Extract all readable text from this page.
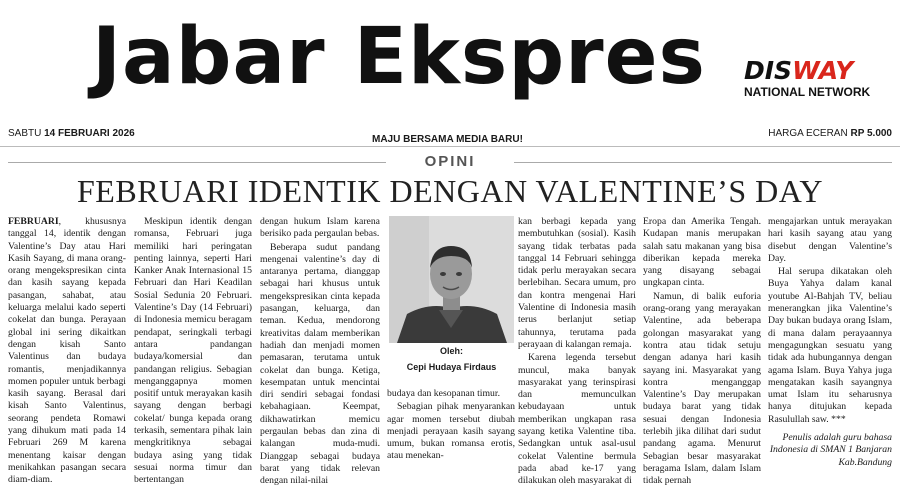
Jabar Ekspres DISWAY
NATIONAL NETWORK
SABTU 14 FEBRUARI 2026
MAJU BERSAMA MEDIA BARU!
HARGA ECERAN RP 5.000
OPINI
FEBRUARI IDENTIK DENGAN VALENTINE’S DAY

FEBRUARI, khususnya tanggal 14, identik dengan Valentine’s Day atau Hari Kasih Sayang, di mana orang-orang mengekspresikan cinta dan kasih sayang kepada pasangan, sahabat, atau keluarga melalui kado seperti cokelat dan bunga. Perayaan global ini sering dikaitkan dengan kisah Santo Valentinus dan budaya romantis, menjadikannya momen populer untuk berbagi kasih sayang. Berasal dari kisah Santo Valentinus, seorang pendeta Romawi yang dihukum mati pada 14 Februari 269 M karena menentang kaisar dengan menikahkan pasangan secara diam-diam.

Meskipun identik dengan romansa, Februari juga memiliki hari peringatan penting lainnya, seperti Hari Kanker Anak Internasional 15 Februari dan Hari Keadilan Sosial Sedunia 20 Februari. Valentine’s Day (14 Februari) di Indonesia memicu beragam pendapat, seringkali terbagi antara pandangan budaya/komersial dan pandangan religius. Sebagian menganggapnya momen positif untuk merayakan kasih sayang dengan berbagi cokelat/ bunga kepada orang terkasih, sementara pihak lain mengkritiknya sebagai budaya asing yang tidak sesuai norma timur dan bertentangan

dengan hukum Islam karena berisiko pada pergaulan bebas.

Beberapa sudut pandang mengenai valentine’s day di antaranya pertama, dianggap sebagai hari khusus untuk mengekspresikan cinta kepada pasangan, keluarga, dan teman. Kedua, mendorong kreativitas dalam memberikan hadiah dan menjadi momen pemasaran, terutama untuk cokelat dan bunga. Ketiga, kesempatan untuk mencintai diri sendiri sebagai fondasi kebahagiaan. Keempat, dikhawatirkan memicu pergaulan bebas dan zina di kalangan muda-mudi. Dianggap sebagai budaya barat yang tidak relevan dengan nilai-nilai

Oleh:
Cepi Hudaya Firdaus

budaya dan kesopanan timur.

Sebagian pihak menyarankan agar momen tersebut diubah menjadi perayaan kasih sayang umum, bukan romansa erotis, atau menekan-

kan berbagi kepada yang membutuhkan (sosial). Kasih sayang tidak terbatas pada tanggal 14 Februari sehingga tidak perlu merayakan secara berlebihan. Secara umum, pro dan kontra mengenai Hari Valentine di Indonesia masih terus berlanjut setiap tahunnya, terutama pada perayaan di kalangan remaja.

Karena legenda tersebut muncul, maka banyak masyarakat yang terinspirasi dan memunculkan kebudayaan untuk memberikan ungkapan rasa sayang ketika Valentine tiba. Sedangkan untuk asal-usul cokelat Valentine bermula pada abad ke-17 yang dilakukan oleh masyarakat di

Eropa dan Amerika Tengah. Kudapan manis merupakan salah satu makanan yang bisa diberikan kepada mereka yang disayang sebagai ungkapan cinta.

Namun, di balik euforia orang-orang yang merayakan Valentine, ada beberapa golongan masyarakat yang kontra atau tidak setuju dengan adanya hari kasih sayang ini. Masyarakat yang kontra menganggap Valentine’s Day merupakan budaya barat yang tidak sesuai dengan Indonesia terlebih jika dilihat dari sudut pandang agama. Menurut Sebagian besar masyarakat beragama Islam, dalam Islam tidak pernah

mengajarkan untuk merayakan hari kasih sayang atau yang disebut dengan Valentine’s Day.

Hal serupa dikatakan oleh Buya Yahya dalam kanal youtube Al-Bahjah TV, beliau menerangkan jika Valentine’s Day bukan budaya orang Islam, di mana dalam perayaannya mengagungkan sesuatu yang tidak ada hubungannya dengan agama Islam. Buya Yahya juga mengatakan kasih sayangnya umat Islam itu seharusnya hanya ditujukan kepada Rasulullah saw. ***

Penulis adalah guru bahasa Indonesia di SMAN 1 Banjaran Kab.Bandung
